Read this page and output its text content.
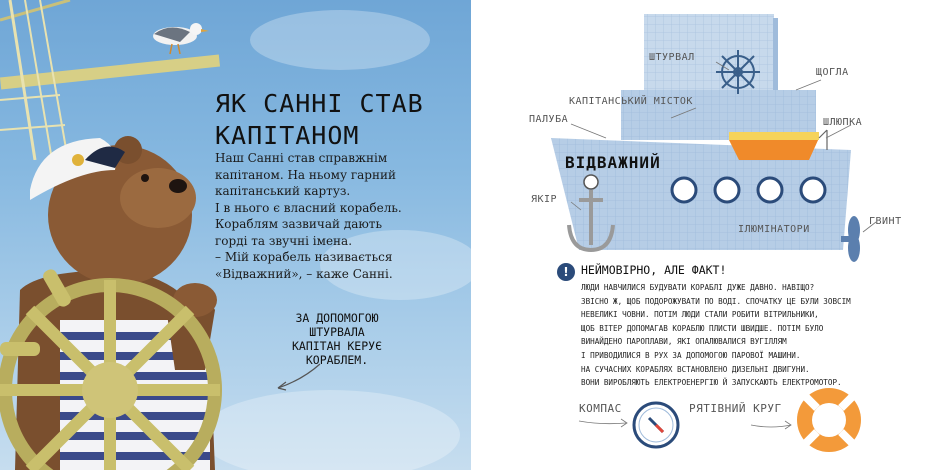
ЯК САННІ СТАВ
КАПІТАНОМ
Наш Санні став справжнім
капітаном. На ньому гарний
капітанський картуз.
І в нього є власний корабель.
Кораблям зазвичай дають
горді та звучні імена.
– Мій корабель називається
«Відважний», – каже Санні.
ЗА ДОПОМОГОЮ
ШТУРВАЛА
КАПІТАН КЕРУЄ
КОРАБЛЕМ.
ШТУРВАЛ
ЩОГЛА
КАПІТАНСЬКИЙ МІСТОК
ПАЛУБА	ШЛЮПКА
ЯКІР
ІЛЮМІНАТОРИ
ГВИНТ
ВІДВАЖНИЙ
!	НЕЙМОВІРНО, АЛЕ ФАКТ!
ЛЮДИ НАВЧИЛИСЯ БУДУВАТИ КОРАБЛІ ДУЖЕ ДАВНО. НАВІЩО?
ЗВІСНО Ж, ЩОБ ПОДОРОЖУВАТИ ПО ВОДІ. СПОЧАТКУ ЦЕ БУЛИ ЗОВСІМ
НЕВЕЛИКІ ЧОВНИ. ПОТІМ ЛЮДИ СТАЛИ РОБИТИ ВІТРИЛЬНИКИ,
ЩОБ ВІТЕР ДОПОМАГАВ КОРАБЛЮ ПЛИСТИ ШВИДШЕ. ПОТІМ БУЛО
ВИНАЙДЕНО ПАРОПЛАВИ, ЯКІ ОПАЛЮВАЛИСЯ ВУГІЛЛЯМ
І ПРИВОДИЛИСЯ В РУХ ЗА ДОПОМОГОЮ ПАРОВОЇ МАШИНИ.
НА СУЧАСНИХ КОРАБЛЯХ ВСТАНОВЛЕНО ДИЗЕЛЬНІ ДВИГУНИ.
ВОНИ ВИРОБЛЯЮТЬ ЕЛЕКТРОЕНЕРГІЮ Й ЗАПУСКАЮТЬ ЕЛЕКТРОМОТОР.
КОМПАС	РЯТІВНИЙ КРУГ
